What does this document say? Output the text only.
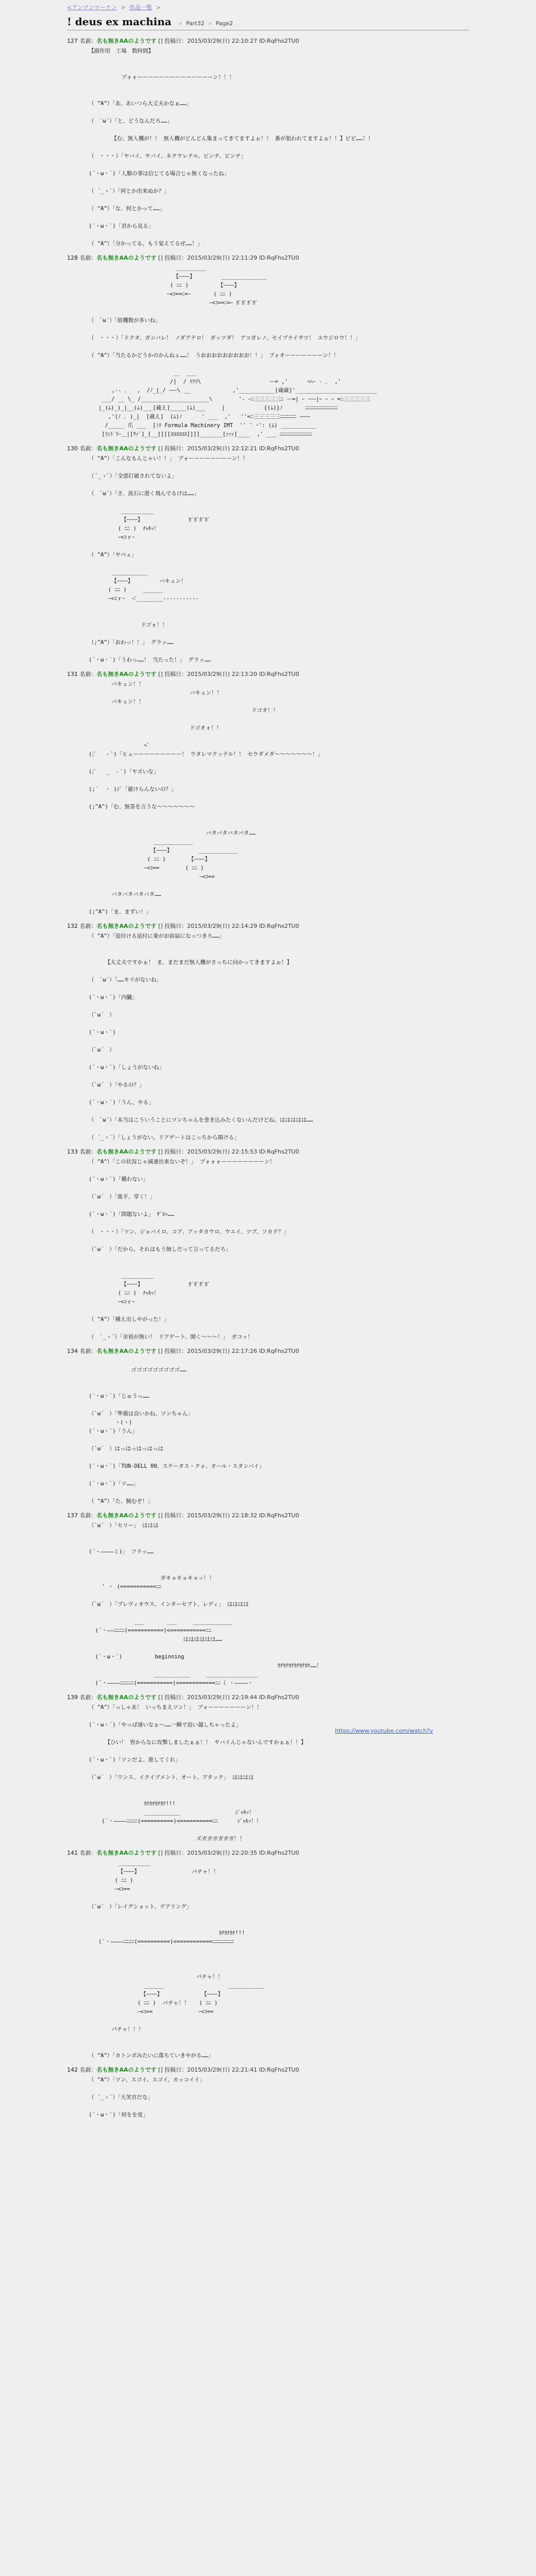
<アンマンマーケ＞ > 作品一覧 >
! deus ex machina	» Part32 » Page2
127 名前：名も無きAAのようです [] 投稿日：2015/03/29(日) 22:10:27 ID:RqFhs2TU0
【副作用　工場　数時間】
ブォォーーーーーーーーーーーーーーン！！！
（ ^A^）「あ、あいつら大丈夫かなぁ……」
（　`ω´）「と、どうなんだろ……」
【む、無人機が！！ 無人機がどんどん集まってきてますよぉ！！ 番が狙われてますよぉ！！】ピピ……！！
（　・・・）「ヤバイ、ヤバイ、ネクウレテル、ピンチ、ピンチ」
(´・ω・`)「人類の事は信じてる場合じゃ無くなったね」
（ ´_ゝ`）「何とか出来ぬか？」
（ ^A^）「な、何とかって……」
(´・ω・`)「君から見る」
（ ^A^）「分かってる。もう覚えてるぜ……！」
128 名前：名も無きAAのようです [] 投稿日：2015/03/29(日) 22:11:29 ID:RqFhs2TU0
_________
【ｰｰｰｰ】        ______________
( ﾆﾆ )         【ｰｰｰｰ】
ｰ<ｺ==ﾆ=ｰ       ( ﾆﾆ )
ｰ<ｺ==ﾆ=ｰ ｶﾞｶﾞｶﾞｶﾞ
（　`ω´）「組機数が多いね」
（　・・・）「ドクオ、ガンバレ！ ノダアテロ！ ガッツダ！ アコガレノ、セイブナイサツ！ ユウジロウ！！」
（ ^A^）「当たるかどうかのかんねぇ……！ うおおおおおおおおお！！」 ブォオーーーーーーーン！！
__  ___
/|  / ﾘﾘﾘ\                     ー= ,'      ﾍﾍｰ - ､  ,'
,-- ､   ,  /ﾉ_|_/ ｰｰｰ\ __             ,'___________[蔵蔵]'_________________________
___/ __ \_ /_____________________\        '- ｰﾆ三三三三三ﾆ ー=| ｰ ｰｰｰ|ｰ ｰ ｰ =ﾆ三三三三三
|_(ﾑ)_)_|__(ﾑ)___[蔵え]_____(ﾑ)___     |            {(ﾑ)}ﾉ       ﾆﾆﾆﾆﾆﾆﾆﾆﾆﾆﾆﾆ
,'(ﾉ ､ )_|  [蔵え]  (ﾑ)ﾉ      ' ___  ,'   ''=ﾆ三三三三三ﾆﾆﾆﾆﾆﾆ ｰｰｰｰ
/_____ 爪 ___  [ﾐﾘ Formula Machinery IMT  '' ' ･': (ﾑ) ___________
[ﾗﾝﾄﾞﾘｰ＿|[ｳｧﾞ]_[__[[[[ﾖﾖﾖﾖﾖﾖ]]]]_______[ｧｧｧ]____  ,' ___ ﾆﾆﾆﾆﾆﾆﾆﾆﾆﾆﾆﾆ
130 名前：名も無きAAのようです [] 投稿日：2015/03/29(日) 22:12:21 ID:RqFhs2TU0
（ ^A^）「こんなもんじゃい！！」 ブォーーーーーーーーン！！
（ ﾟ_ゝﾟ）「全部打破されてないよ」
（　`ω´）「さ、流石に滑く飛んでるけは……」
__________
【ｰｰｰｰ】              ｶﾞｶﾞｶﾞｶﾞ
( ﾆﾆ )  ﾁｬｷｯ！
ｰ<ｺｒｰ
（ ^A^）「ヤベェ」
___________
【ｰｰｰｰ】        バキュン！
( ﾆﾆ )     ______
ｰ<ｺｒｰ  ＜________-----------
ドゴォ！！
（;^A^）「おわっ！！」 グラッ……
(´・ω・`)「うわっ……！ 当たった！」 グラッ……
131 名前：名も無きAAのようです [] 投稿日：2015/03/29(日) 22:13:20 ID:RqFhs2TU0
バキュン！！
バキュン！！
バキュン！！
ドゴオ！！
ドゴオォ！！
ﾍﾟ
(;ﾟ   ‐ ﾟ)「ヒューーーーーーーーー！ ウタレマクッテル！！ セウダメダ〜〜〜〜〜〜〜！」
(;ﾟ   _  ‐ ﾟ)「ヤズいな」
(;´  ・ )ｼﾞ「避けらんないの？」
(;^A^)「む、無茶を言うな〜〜〜〜〜〜〜
バタバタバタバタ……
____________
【ｰｰｰｰ】        ____________
( ﾆﾆ )       【ｰｰｰｰ】
ｰ<ｺ==        ( ﾆﾆ )
ｰ<ｺ==
バタバタバタバタ……
(;^A^)「ま、まずい！」
132 名前：名も無きAAのようです [] 投稿日：2015/03/29(日) 22:14:29 ID:RqFhs2TU0
（ ^A^）「追付ける追付に乗がお前届になっつきろ……」
【大丈夫ですかぁ！ ま、まだまだ無人機がさっちに向かってきますよぉ！】
（　`ω´）「……キリがないね」
(´・ω・`)「内臓」
（`ω´　）
(´・ω・`)
（`ω´　）
(´・ω・`)「しょうがないね」
（`ω´　）「やるの？」
(´・ω・`)「うん、やる」
（　`ω´）「本当はこういうことにツンちゃんを巻き込みたくないんだけどね。ははははは……
（ ´_ゝ`）「しょうがない。リアゲートはこっちから開ける」
133 名前：名も無きAAのようです [] 投稿日：2015/03/29(日) 22:15:53 ID:RqFhs2TU0
（ ^A^）「この状況じゃ減速出来ないぞ！」 ブォォォーーーーーーーーン！
(´・ω・`)「構わない」
（`ω´　）「進平、穿く！」
(´・ω・`)「問題ないよ」 ｻﾞﾛｯ……
（　・・・）「ツン、ジョバイロ、コア、アッタカウロ、ウエイ、ツブ、ソカク？」
（`ω´　）「だから、それはもう無しだって言ってるだろ」
__________
【ｰｰｰｰ】              ｶﾞｶﾞｶﾞｶﾞ
( ﾆﾆ )  ﾁｬｷｯ！
ｰ<ｺｒｰ
（ ^A^）「構え出しやがった！」
（　`_ゝ´）「余裕が無い！ リアゲート、開く〜〜〜！」 ガコッ！
134 名前：名も無きAAのようです [] 投稿日：2015/03/29(日) 22:17:26 ID:RqFhs2TU0
ゴゴゴゴゴゴゴゴゴ……
(´・ω・`)「じゅうっ……
（`ω´　）「準備は良いかね、ツンちゃん」
ヽ(ヽ)
(´・ω・`)「うん」
（`ω´　）はっはっはっはっは
(´・ω・`)「TUN-DELL 00、ステータス・クォ、オール・スタンバイ」
(´・ω・`)「ツ……」
（ ^A^）「た、腕むぞ！」
137 名前：名も無きAAのようです [] 投稿日：2015/03/29(日) 22:18:32 ID:RqFhs2TU0
（`ω´　）「セリー」 ははは
(´・――――ミ)」 フラッ……
ガキョキョキョッ！！
' ・ (===========ﾆﾆ
（`ω´　）「プレヴィオウス、インターセプト、レディ」 はははは
___       ___     ____________
(´・――ﾆﾆﾆﾆ(===========)<===========ﾆﾆ
はははははは……
(´・ω・`)          beginning
ｶﾁｶﾁｶﾁｶﾁｶﾁｶﾁ……！
___________     ________________
(´・――――ﾆﾆﾆﾆﾆ(===========)<===========ﾆﾆ（ ・――――・
139 名前：名も無きAAのようです [] 投稿日：2015/03/29(日) 22:19:44 ID:RqFhs2TU0
（ ^A^）「っしゃあ！ いっちまえツン！」 ブォーーーーーーーン！！
(´・ω・`)「やっぱ速いなぁ〜……一瞬で追い越しちゃったよ」
【ひい！ 皆からなに攻撃しましたぁぁ！！ ヤバイんじゃないんですかぁぁ！！】
(´・ω・`)「ツンだよ、推してくれ」
（`ω´　）「ワンス、イクイブメント、オート、アタック」 はははは
ｶﾁｶﾁｶﾁｶﾁ!!!
___________                 ｼﾞｬｷｯ！
(´・――――ﾆﾆﾆﾆ(==========)<==========ﾆﾆ      ｼﾞｬｷｯ！！
ズガガガガガガ！！
141 名前：名も無きAAのようです [] 投稿日：2015/03/29(日) 22:20:35 ID:RqFhs2TU0
__________
【ｰｰｰｰ】                パチャ！！
( ﾆﾆ )
ｰ<ｺ==
（`ω´　）「レイグショット、デアリング」
ｶﾁｶﾁｶﾁ!!!
(´・――――ﾆﾆﾆﾆ(==========)<===========ﾆﾆﾆﾆﾆﾆﾆﾆ
パチャ！！
______                    ___________
【ｰｰｰｰ】            【ｰｰｰｰ】
( ﾆﾆ )  パチャ！！   ( ﾆﾆ )
ｰ<ｺ==              ｰ<ｺ==
パチャ！！！
（ ^A^）「カトンボみたいに落ちていきやがる……」
142 名前：名も無きAAのようです [] 投稿日：2015/03/29(日) 22:21:41 ID:RqFhs2TU0
（ ^A^）「ツン、スゴイ、スゴイ、カッコイイ」
（ ´_ゝ`）「大笑官だな」
(´・ω・`)「何をを度」
https://www.youtube.com/watch?v
